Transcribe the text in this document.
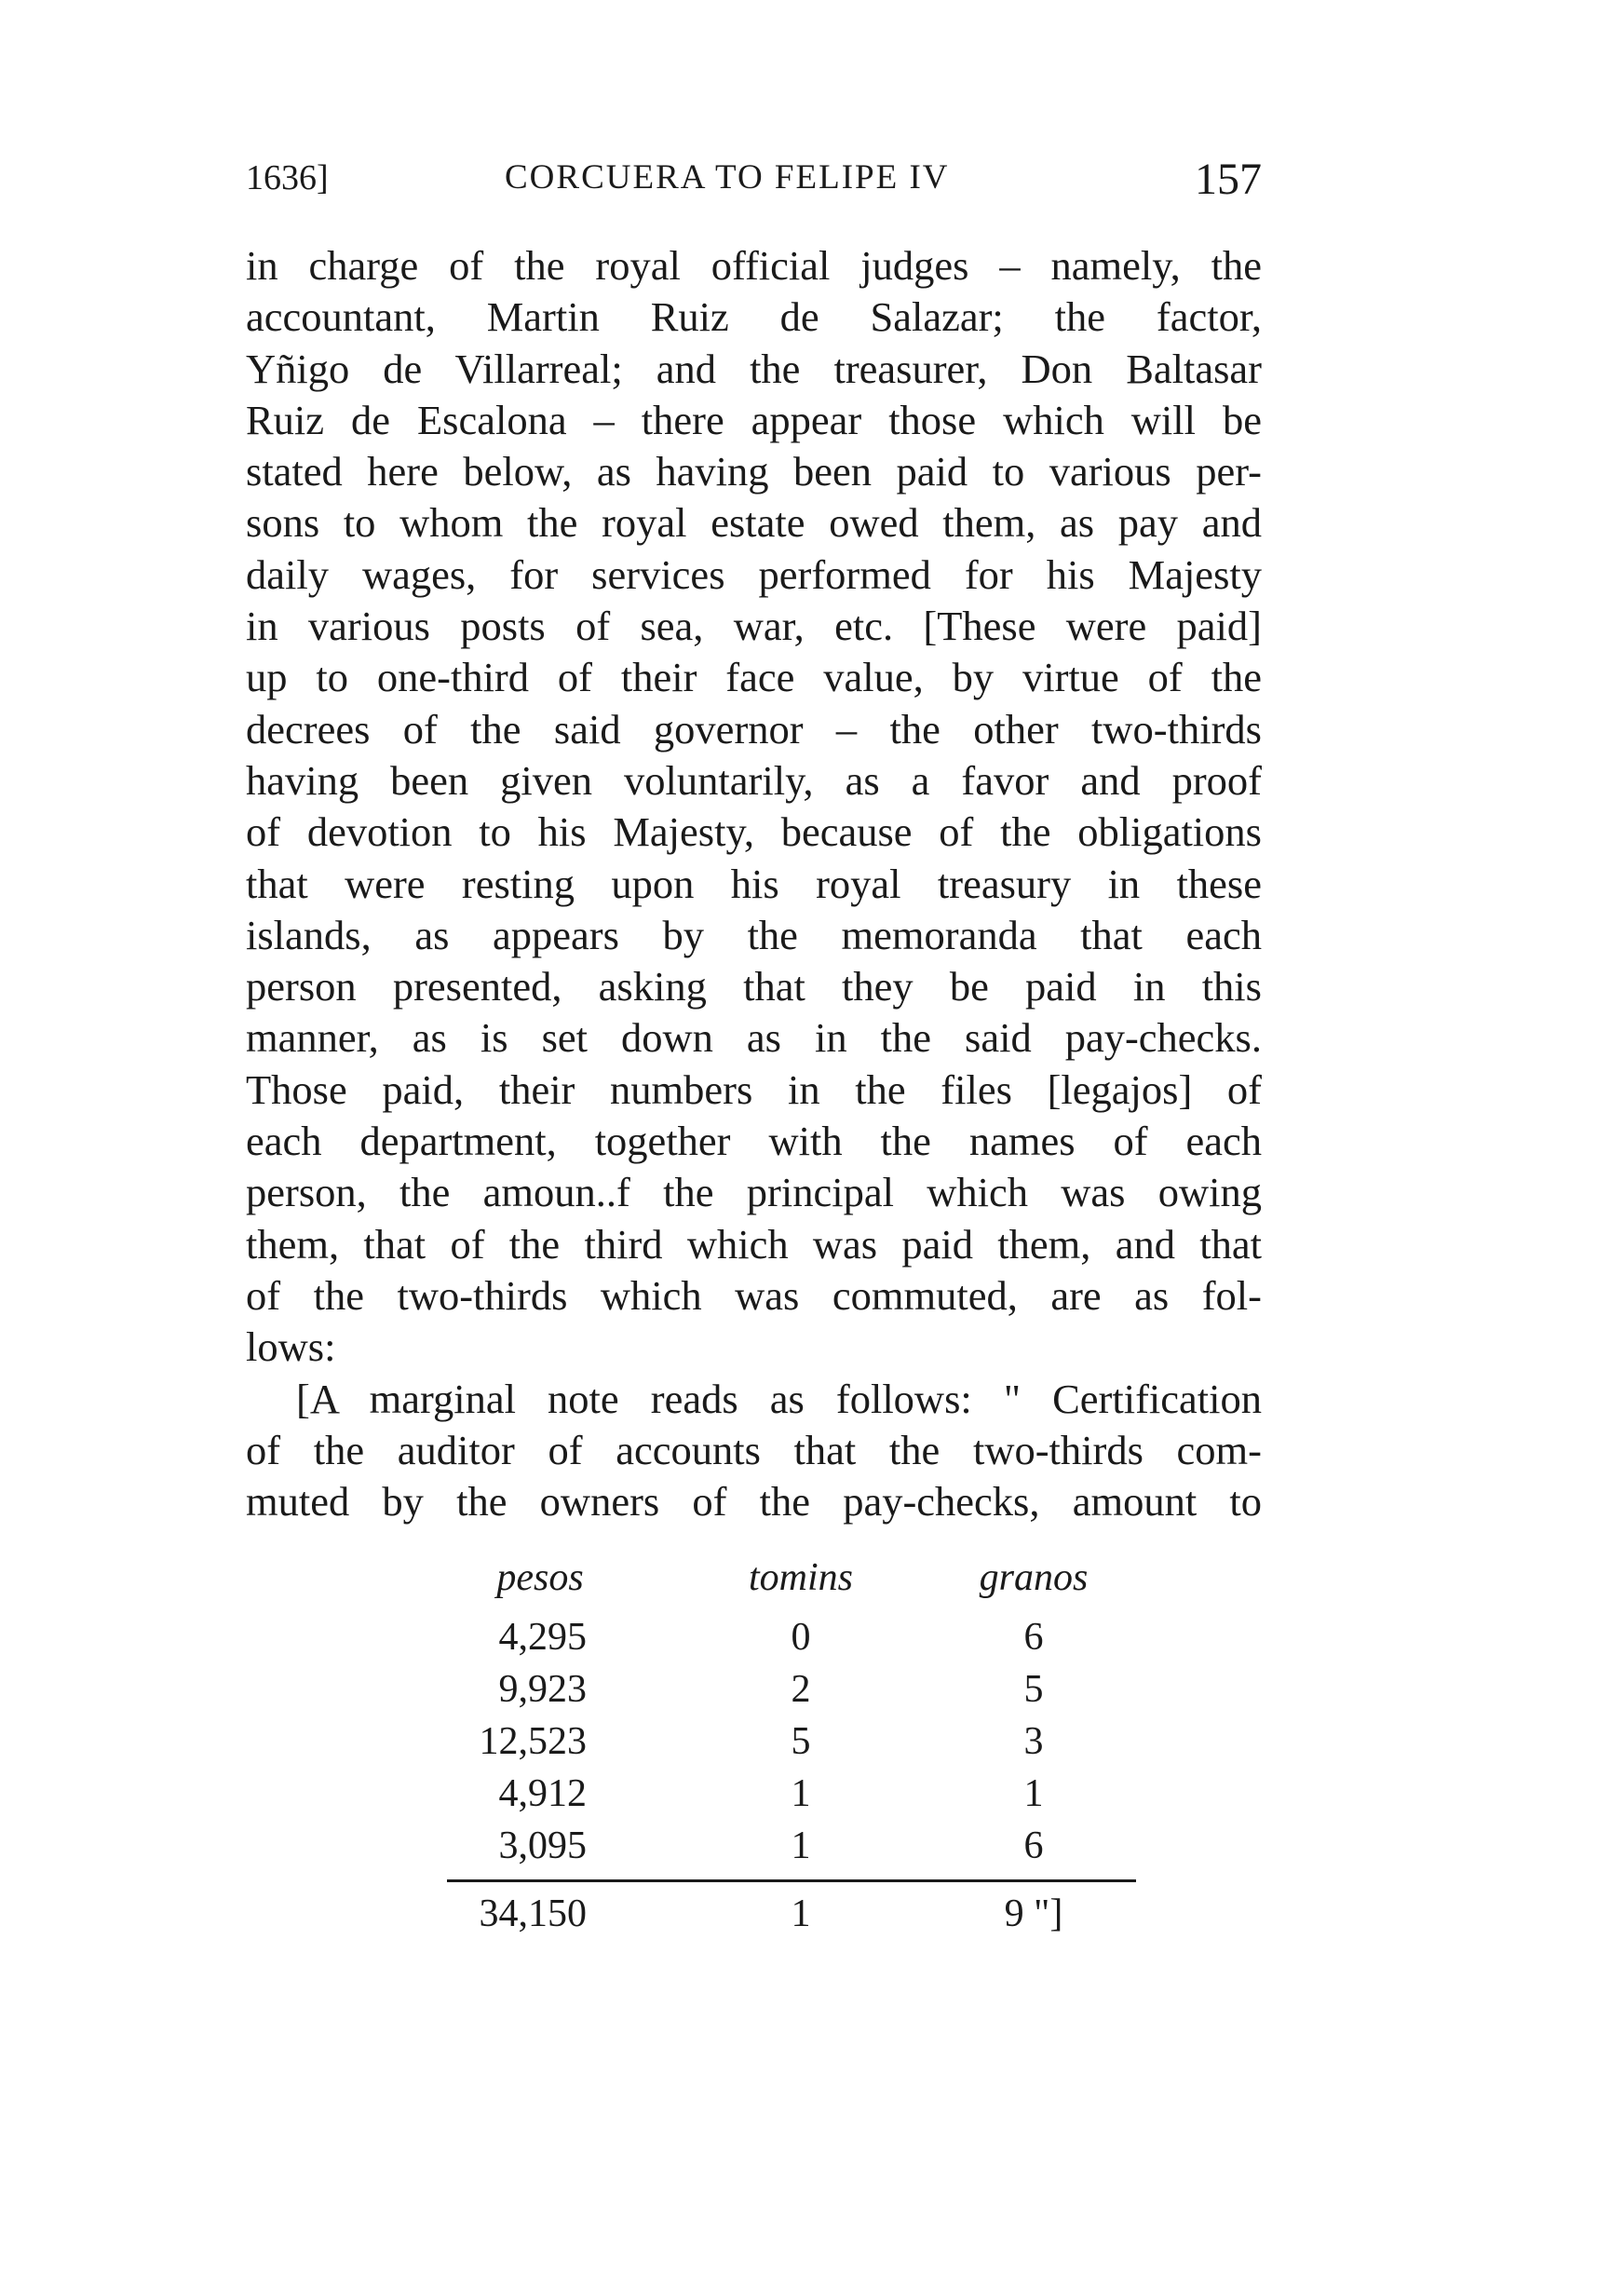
1636]	CORCUERA TO FELIPE IV	157
in charge of the royal official judges – namely, the
accountant, Martin Ruiz de Salazar; the factor,
Yñigo de Villarreal; and the treasurer, Don Baltasar
Ruiz de Escalona – there appear those which will be
stated here below, as having been paid to various per-
sons to whom the royal estate owed them, as pay and
daily wages, for services performed for his Majesty
in various posts of sea, war, etc. [These were paid]
up to one-third of their face value, by virtue of the
decrees of the said governor – the other two-thirds
having been given voluntarily, as a favor and proof
of devotion to his Majesty, because of the obligations
that were resting upon his royal treasury in these
islands, as appears by the memoranda that each
person presented, asking that they be paid in this
manner, as is set down as in the said pay-checks.
Those paid, their numbers in the files [legajos] of
each department, together with the names of each
person, the amoun..f the principal which was owing
them, that of the third which was paid them, and that
of the two-thirds which was commuted, are as fol-
lows:
[A marginal note reads as follows: " Certification
of the auditor of accounts that the two-thirds com-
muted by the owners of the pay-checks, amount to
pesos	tomins	granos
4,295	0	6
9,923	2	5
12,523	5	3
4,912	1	1
3,095	1	6
34,150	1	9 "]
